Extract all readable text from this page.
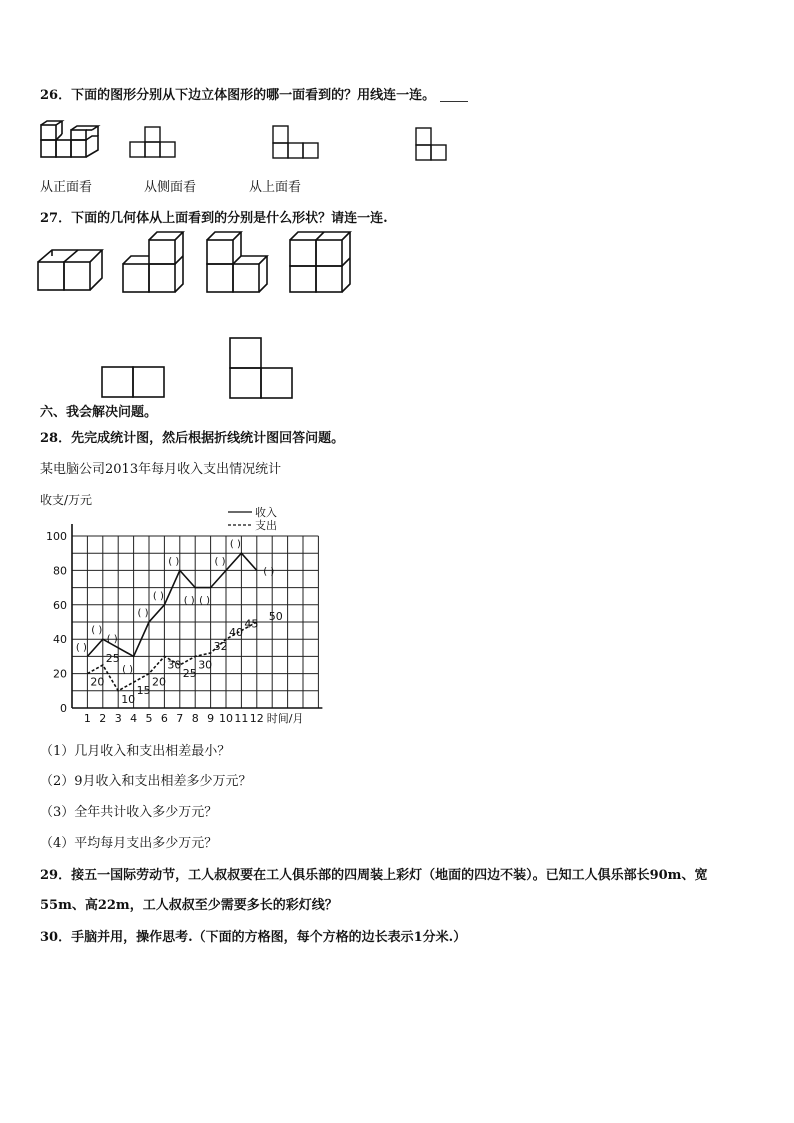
26．下面的图形分别从下边立体图形的哪一面看到的？用线连一连。
从正面看	从侧面看	从上面看
27．下面的几何体从上面看到的分别是什么形状？请连一连.
六、我会解决问题。
28．先完成统计图，然后根据折线统计图回答问题。
某电脑公司2013年每月收入支出情况统计
0
20
40
60
80
100
1 2 3 4 5 6 7 8 9 10 11 12
收支/万元
时间/月
收入
支出
( )
( )
( )
( )
( )
( )
( )
( ) ( )
( )
( )
( )
20
25
10
15
20
30
25
30
32
40
45
50
（1）几月收入和支出相差最小？
（2）9月收入和支出相差多少万元？
（3）全年共计收入多少万元？
（4）平均每月支出多少万元？
29．接五一国际劳动节，工人叔叔要在工人俱乐部的四周装上彩灯（地面的四边不装）。已知工人俱乐部长90m、宽
55m、高22m，工人叔叔至少需要多长的彩灯线？
30．手脑并用，操作思考.（下面的方格图，每个方格的边长表示1分米.）
